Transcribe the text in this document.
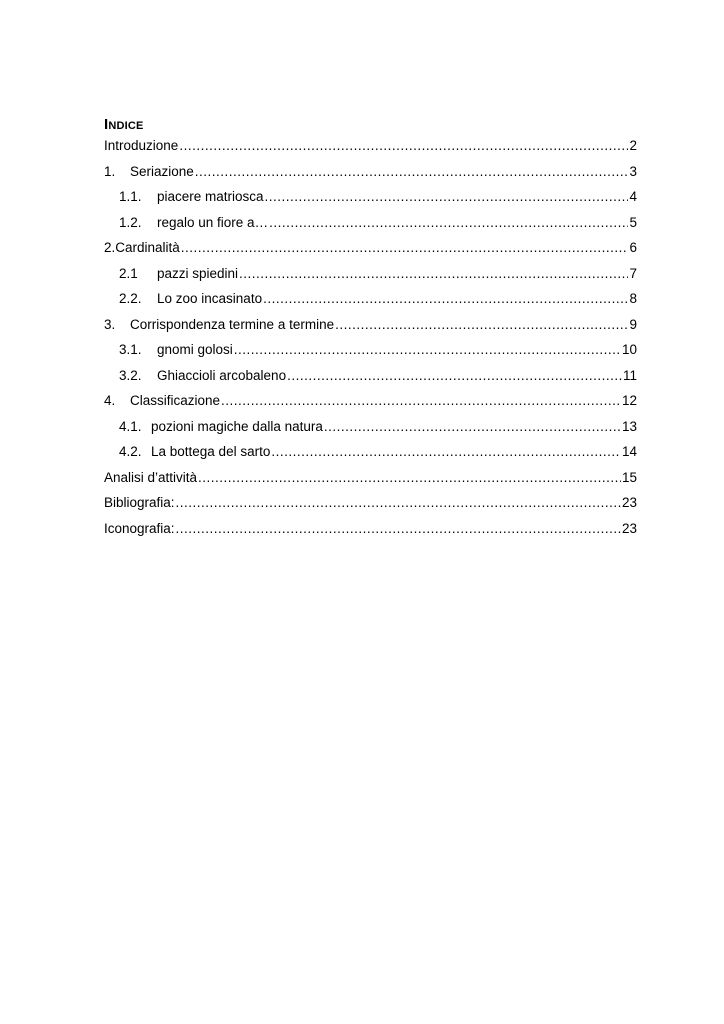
Indice
Introduzione .....	2
1.	Seriazione .....	3
1.1.	piacere matriosca .....	4
1.2.	regalo un fiore a… .....	5
2.Cardinalità .....	6
2.1	pazzi spiedini .....	7
2.2.	Lo zoo incasinato .....	8
3.	Corrispondenza termine a termine .....	9
3.1.	gnomi golosi .....	10
3.2.	Ghiaccioli arcobaleno .....	11
4.	Classificazione .....	12
4.1. pozioni magiche dalla natura .....	13
4.2. La bottega del sarto .....	14
Analisi d’attività .....	15
Bibliografia: .....	23
Iconografia: .....	23
